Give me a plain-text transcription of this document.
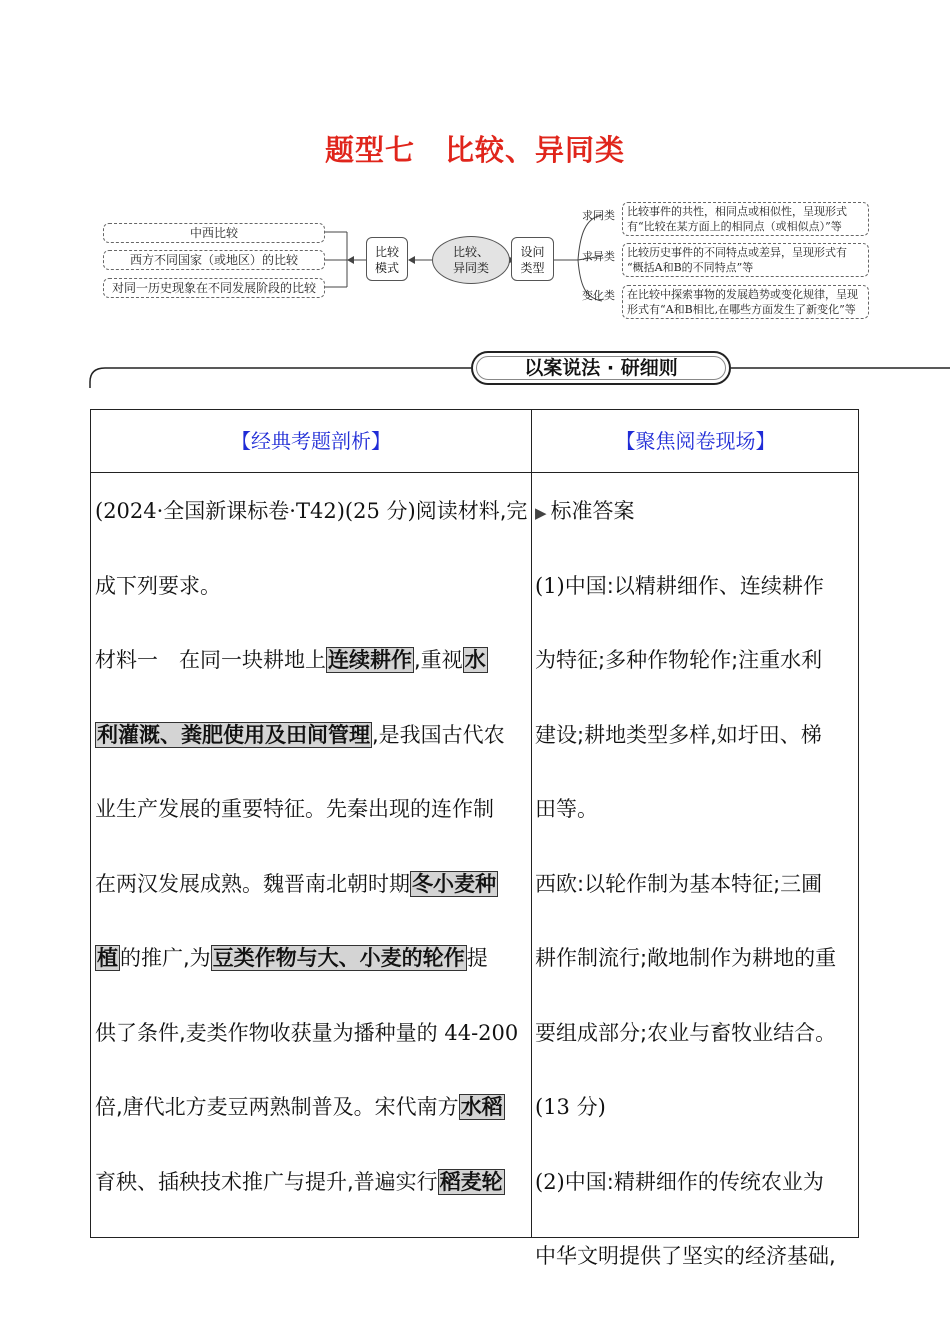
题型七　比较、异同类
中西比较
西方不同国家（或地区）的比较
对同一历史现象在不同发展阶段的比较
比较
模式
比较、
异同类
设问
类型
求同类
求异类
变化类
比较事件的共性，相同点或相似性，呈现形式
有“比较在某方面上的相同点（或相似点）”等
比较历史事件的不同特点或差异，呈现形式有
“概括A和B的不同特点”等
在比较中探索事物的发展趋势或变化规律，呈现
形式有“A和B相比,在哪些方面发生了新变化”等
以案说法 · 研细则
【经典考题剖析】	【聚焦阅卷现场】
(2024·全国新课标卷·T42)(25 分)阅读材料,完
成下列要求。
材料一　在同一块耕地上连续耕作,重视水
利灌溉、粪肥使用及田间管理,是我国古代农
业生产发展的重要特征。先秦出现的连作制
在两汉发展成熟。魏晋南北朝时期冬小麦种
植的推广,为豆类作物与大、小麦的轮作提
供了条件,麦类作物收获量为播种量的 44-200
倍,唐代北方麦豆两熟制普及。宋代南方水稻
育秧、插秧技术推广与提升,普遍实行稻麦轮
▶ 标准答案
(1)中国:以精耕细作、连续耕作
为特征;多种作物轮作;注重水利
建设;耕地类型多样,如圩田、梯
田等。
西欧:以轮作制为基本特征;三圃
耕作制流行;敞地制作为耕地的重
要组成部分;农业与畜牧业结合。
(13 分)
(2)中国:精耕细作的传统农业为
中华文明提供了坚实的经济基础,
